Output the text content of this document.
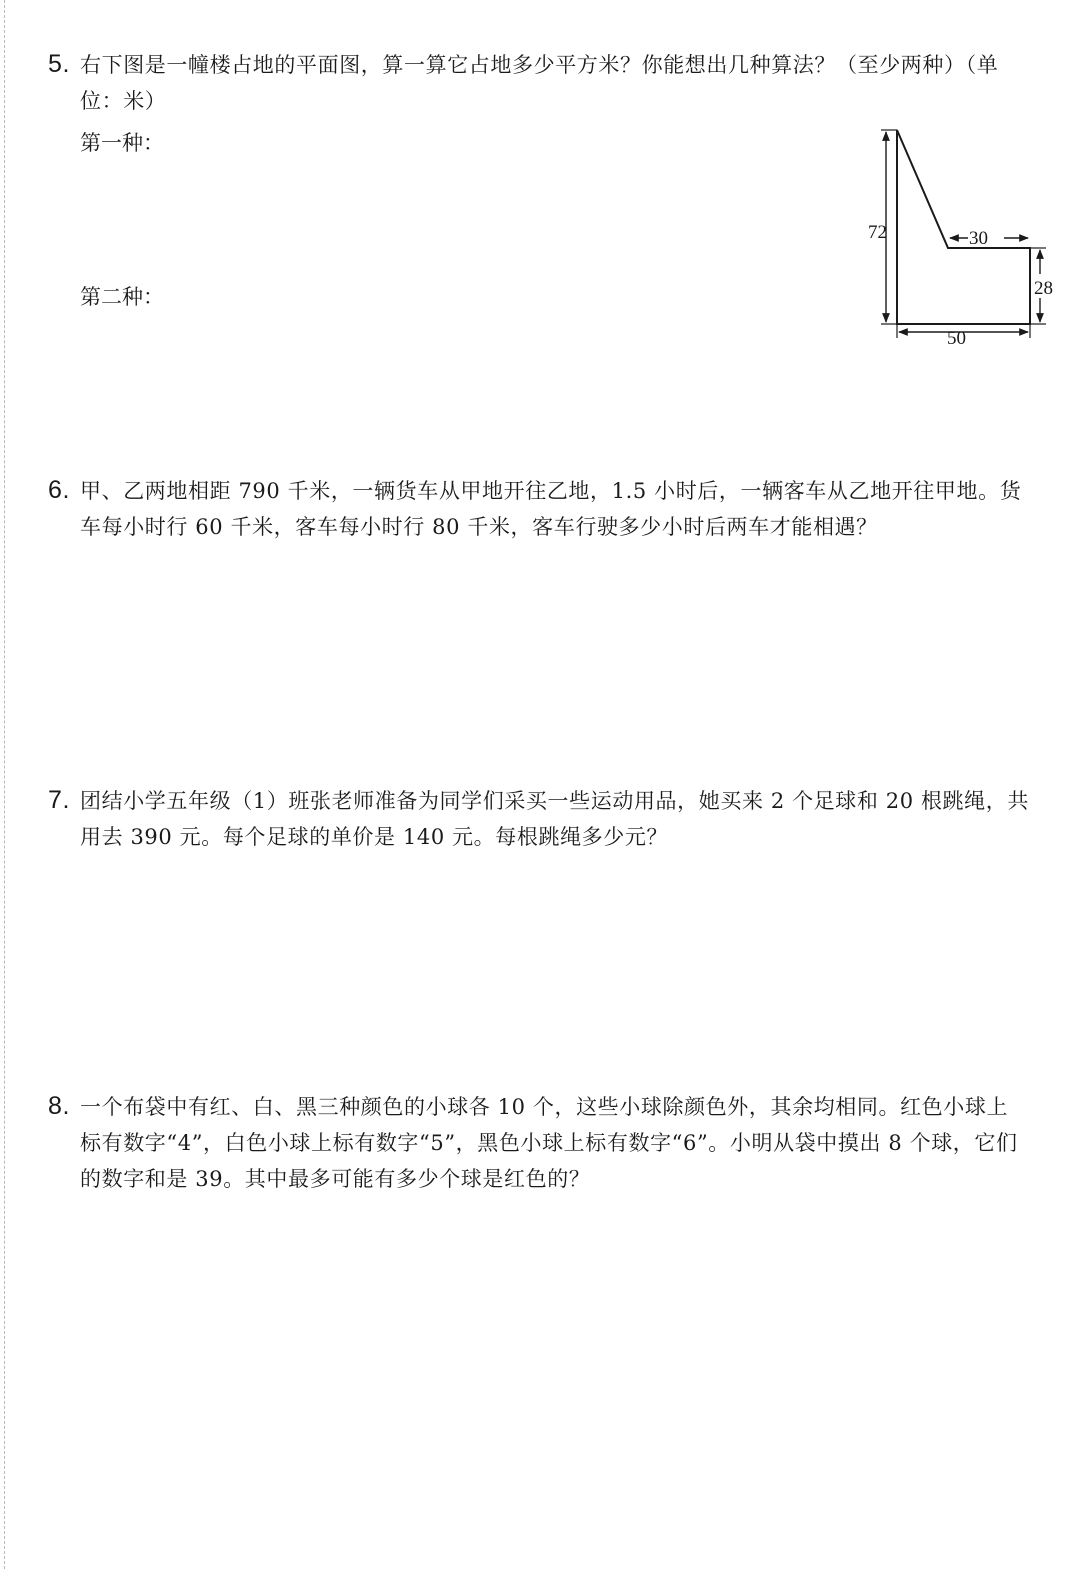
5. 右下图是一幢楼占地的平面图，算一算它占地多少平方米？你能想出几种算法？（至少两种）（单
位：米）
第一种：
第二种：
72	30
28
50
6. 甲、乙两地相距 790 千米，一辆货车从甲地开往乙地，1.5 小时后，一辆客车从乙地开往甲地。货
车每小时行 60 千米，客车每小时行 80 千米，客车行驶多少小时后两车才能相遇？
7. 团结小学五年级（1）班张老师准备为同学们采买一些运动用品，她买来 2 个足球和 20 根跳绳，共
用去 390 元。每个足球的单价是 140 元。每根跳绳多少元？
8. 一个布袋中有红、白、黑三种颜色的小球各 10 个，这些小球除颜色外，其余均相同。红色小球上
标有数字“4”，白色小球上标有数字“5”，黑色小球上标有数字“6”。小明从袋中摸出 8 个球，它们
的数字和是 39。其中最多可能有多少个球是红色的？
